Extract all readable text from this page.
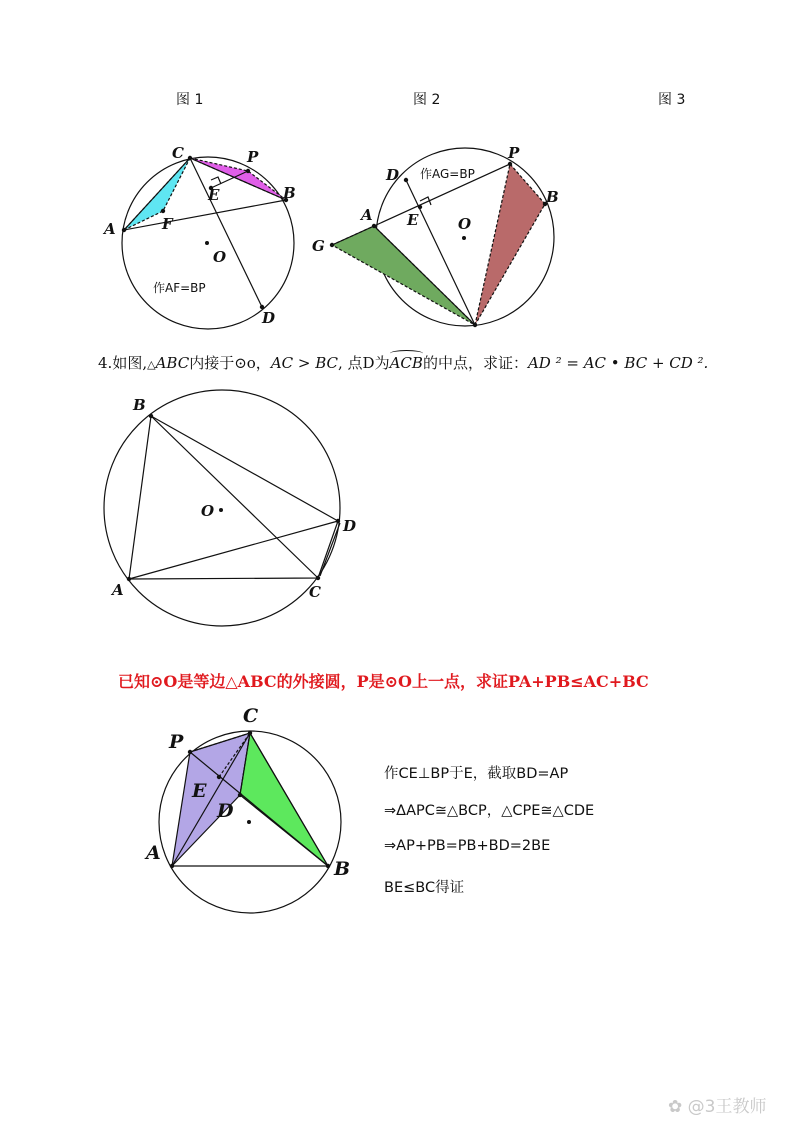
图 1	图 2	图 3
C	P
E	B
A	F
O
D
作AF=BP
P
D
B
A E	O
G
作AG=BP
B
O
D
A	C
C
P
E
D
A
B
4.如图,△ABC内接于⊙o，AC > BC, 点D为ACB的中点，求证：AD ² = AC • BC + CD ².
已知⊙O是等边△ABC的外接圆，P是⊙O上一点，求证PA+PB≤AC+BC
作CE⊥BP于E，截取BD=AP
⇒ΔAPC≅△BCP，△CPE≅△CDE
⇒AP+PB=PB+BD=2BE
BE≤BC得证
✿ @3王教师
